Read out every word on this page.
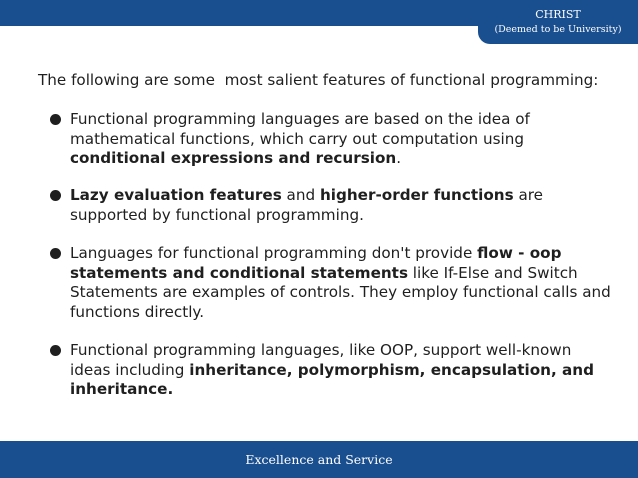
CHRIST
(Deemed to be University)
The following are some  most salient features of functional programming:
Functional programming languages are based on the idea of mathematical functions, which carry out computation using conditional expressions and recursion.
Lazy evaluation features and higher-order functions are supported by functional programming.
Languages for functional programming don't provide flow - oop statements and conditional statements like If-Else and Switch Statements are examples of controls. They employ functional calls and functions directly.
Functional programming languages, like OOP, support well-known ideas including inheritance, polymorphism, encapsulation, and inheritance.
Excellence and Service
